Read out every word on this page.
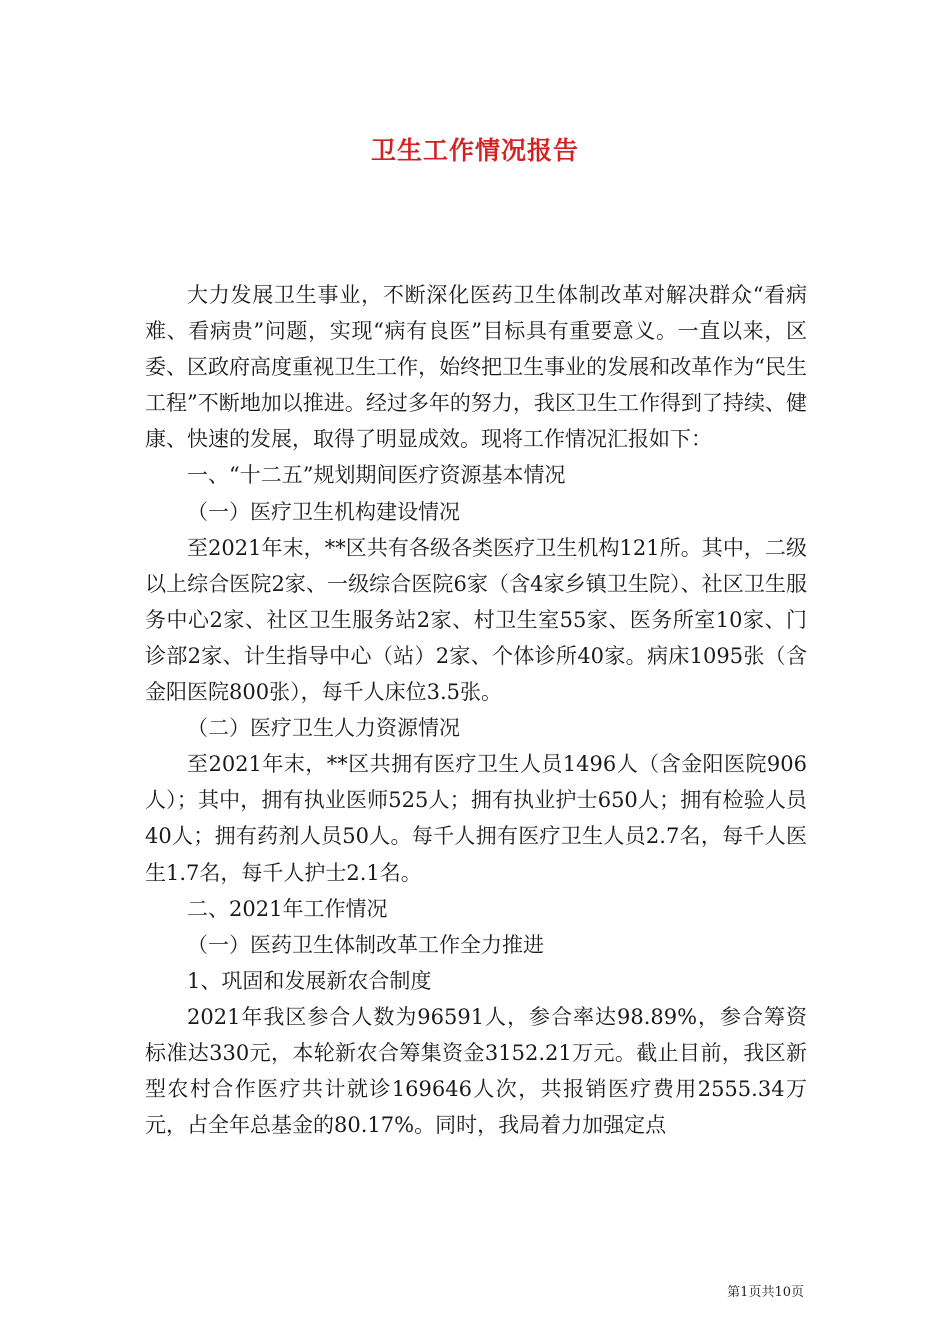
卫生工作情况报告

大力发展卫生事业，不断深化医药卫生体制改革对解决群众“看病难、看病贵”问题，实现“病有良医”目标具有重要意义。一直以来，区委、区政府高度重视卫生工作，始终把卫生事业的发展和改革作为“民生工程”不断地加以推进。经过多年的努力，我区卫生工作得到了持续、健康、快速的发展，取得了明显成效。现将工作情况汇报如下：

一、“十二五”规划期间医疗资源基本情况

（一）医疗卫生机构建设情况

至2021年末，**区共有各级各类医疗卫生机构121所。其中，二级以上综合医院2家、一级综合医院6家（含4家乡镇卫生院）、社区卫生服务中心2家、社区卫生服务站2家、村卫生室55家、医务所室10家、门诊部2家、计生指导中心（站）2家、个体诊所40家。病床1095张（含金阳医院800张），每千人床位3.5张。

（二）医疗卫生人力资源情况

至2021年末，**区共拥有医疗卫生人员1496人（含金阳医院906人）；其中，拥有执业医师525人；拥有执业护士650人；拥有检验人员40人；拥有药剂人员50人。每千人拥有医疗卫生人员2.7名，每千人医生1.7名，每千人护士2.1名。

二、2021年工作情况

（一）医药卫生体制改革工作全力推进

1、巩固和发展新农合制度

2021年我区参合人数为96591人，参合率达98.89%，参合筹资标准达330元，本轮新农合筹集资金3152.21万元。截止目前，我区新型农村合作医疗共计就诊169646人次，共报销医疗费用2555.34万元，占全年总基金的80.17%。同时，我局着力加强定点

第1页共10页
